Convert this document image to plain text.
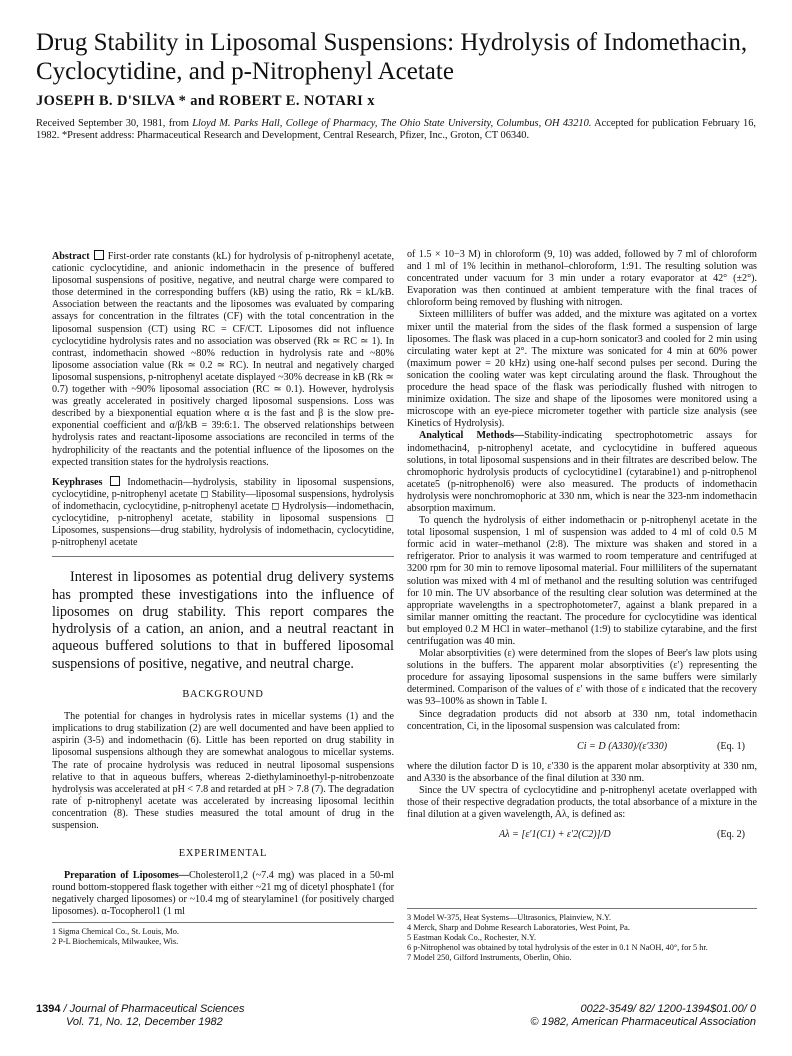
Drug Stability in Liposomal Suspensions: Hydrolysis of Indomethacin, Cyclocytidine, and p-Nitrophenyl Acetate

JOSEPH B. D'SILVA * and ROBERT E. NOTARI x

Received September 30, 1981, from Lloyd M. Parks Hall, College of Pharmacy, The Ohio State University, Columbus, OH 43210. Accepted for publication February 16, 1982. *Present address: Pharmaceutical Research and Development, Central Research, Pfizer, Inc., Groton, CT 06340.

Abstract First-order rate constants (kL) for hydrolysis of p-nitrophenyl acetate, cationic cyclocytidine, and anionic indomethacin in the presence of buffered liposomal suspensions of positive, negative, and neutral charge were compared to those determined in the corresponding buffers (kB) using the ratio, Rk = kL/kB. Association between the reactants and the liposomes was evaluated by comparing assays for concentration in the filtrates (CF) with the total concentration in the liposomal suspension (CT) using RC = CF/CT. Liposomes did not influence cyclocytidine hydrolysis rates and no association was observed (Rk ≃ RC ≃ 1). In contrast, indomethacin showed ~80% reduction in hydrolysis rate and ~80% liposome association value (Rk ≃ 0.2 ≃ RC). In neutral and negatively charged liposomal suspensions, p-nitrophenyl acetate displayed ~30% decrease in kB (Rk ≃ 0.7) together with ~90% liposomal association (RC ≃ 0.1). However, hydrolysis was greatly accelerated in positively charged liposomal suspensions. Loss was described by a biexponential equation where α is the fast and β is the slow pre-exponential coefficient and α/β/kB = 39:6:1. The observed relationships between hydrolysis rates and reactant-liposome associations are reconciled in terms of the hydrophilicity of the reactants and the potential influence of the liposomes on the expected transition states for the hydrolysis reactions.

Keyphrases Indomethacin—hydrolysis, stability in liposomal suspensions, cyclocytidine, p-nitrophenyl acetate ◻ Stability—liposomal suspensions, hydrolysis of indomethacin, cyclocytidine, p-nitrophenyl acetate ◻ Hydrolysis—indomethacin, cyclocytidine, p-nitrophenyl acetate, stability in liposomal suspensions ◻ Liposomes, suspensions—drug stability, hydrolysis of indomethacin, cyclocytidine, p-nitrophenyl acetate

Interest in liposomes as potential drug delivery systems has prompted these investigations into the influence of liposomes on drug stability. This report compares the hydrolysis of a cation, an anion, and a neutral reactant in aqueous buffered solutions to that in buffered liposomal suspensions of positive, negative, and neutral charge.

BACKGROUND

The potential for changes in hydrolysis rates in micellar systems (1) and the implications to drug stabilization (2) are well documented and have been applied to aspirin (3-5) and indomethacin (6). Little has been reported on drug stability in liposomal suspensions although they are somewhat analogous to micellar systems. The rate of procaine hydrolysis was reduced in neutral liposomal suspensions relative to that in aqueous buffers, whereas 2-diethylaminoethyl-p-nitrobenzoate hydrolysis was accelerated at pH < 7.8 and retarded at pH > 7.8 (7). The degradation rate of p-nitrophenyl acetate was accelerated by increasing liposomal lecithin concentration (8). These studies measured the total amount of drug in the suspension.

EXPERIMENTAL

Preparation of Liposomes—Cholesterol1,2 (~7.4 mg) was placed in a 50-ml round bottom-stoppered flask together with either ~21 mg of dicetyl phosphate1 (for negatively charged liposomes) or ~10.4 mg of stearylamine1 (for positively charged liposomes). α-Tocopherol1 (1 ml

of 1.5 × 10−3 M) in chloroform (9, 10) was added, followed by 7 ml of chloroform and 1 ml of 1% lecithin in methanol–chloroform, 1:91. The resulting solution was concentrated under vacuum for 3 min under a rotary evaporator at 42° (±2°). Evaporation was then continued at ambient temperature with the final traces of chloroform being removed by flushing with nitrogen.

Sixteen milliliters of buffer was added, and the mixture was agitated on a vortex mixer until the material from the sides of the flask formed a suspension of large liposomes. The flask was placed in a cup-horn sonicator3 and cooled for 2 min using circulating water kept at 2°. The mixture was sonicated for 4 min at 60% power (maximum power = 20 kHz) using one-half second pulses per second. During the sonication the cooling water was kept circulating around the flask. Throughout the procedure the head space of the flask was periodically flushed with nitrogen to minimize oxidation. The size and shape of the liposomes were monitored using a microscope with an eye-piece micrometer together with particle size analysis (see Kinetics of Hydrolysis).

Analytical Methods—Stability-indicating spectrophotometric assays for indomethacin4, p-nitrophenyl acetate, and cyclocytidine in buffered aqueous solutions, in total liposomal suspensions and in their filtrates are described below. The chromophoric hydrolysis products of cyclocytidine1 (cytarabine1) and p-nitrophenol acetate5 (p-nitrophenol6) were also measured. The products of indomethacin hydrolysis were nonchromophoric at 330 nm, which is near the 323-nm indomethacin absorption maximum.

To quench the hydrolysis of either indomethacin or p-nitrophenyl acetate in the total liposomal suspension, 1 ml of suspension was added to 4 ml of cold 0.5 M formic acid in water–methanol (2:8). The mixture was shaken and stored in a refrigerator. Prior to analysis it was warmed to room temperature and centrifuged at 3200 rpm for 30 min to remove liposomal material. Four milliliters of the supernatant solution was mixed with 4 ml of methanol and the resulting solution was centrifuged for 10 min. The UV absorbance of the resulting clear solution was determined at the appropriate wavelengths in a spectrophotometer7, against a blank prepared in a similar manner omitting the reactant. The procedure for cyclocytidine was identical but employed 0.2 M HCl in water–methanol (1:9) to stabilize cytarabine, and the first centrifugation was 40 min.

Molar absorptivities (ε) were determined from the slopes of Beer's law plots using solutions in the buffers. The apparent molar absorptivities (ε′) representing the procedure for assaying liposomal suspensions in the same buffers were similarly determined. Comparison of the values of ε′ with those of ε indicated that the recovery was 93–100% as shown in Table I.

Since degradation products did not absorb at 330 nm, total indomethacin concentration, Ci, in the liposomal suspension was calculated from:

Ci = D (A330)/(ε′330)	(Eq. 1)

where the dilution factor D is 10, ε′330 is the apparent molar absorptivity at 330 nm, and A330 is the absorbance of the final dilution at 330 nm.

Since the UV spectra of cyclocytidine and p-nitrophenyl acetate overlapped with those of their respective degradation products, the total absorbance of a mixture in the final dilution at a given wavelength, Aλ, is defined as:

Aλ = [ε′1(C1) + ε′2(C2)]/D	(Eq. 2)

1 Sigma Chemical Co., St. Louis, Mo.

2 P-L Biochemicals, Milwaukee, Wis.

3 Model W-375, Heat Systems—Ultrasonics, Plainview, N.Y.

4 Merck, Sharp and Dohme Research Laboratories, West Point, Pa.

5 Eastman Kodak Co., Rochester, N.Y.

6 p-Nitrophenol was obtained by total hydrolysis of the ester in 0.1 N NaOH, 40°, for 5 hr.

7 Model 250, Gilford Instruments, Oberlin, Ohio.

1394 / Journal of Pharmaceutical Sciences
Vol. 71, No. 12, December 1982
0022-3549/ 82/ 1200-1394$01.00/ 0
© 1982, American Pharmaceutical Association
